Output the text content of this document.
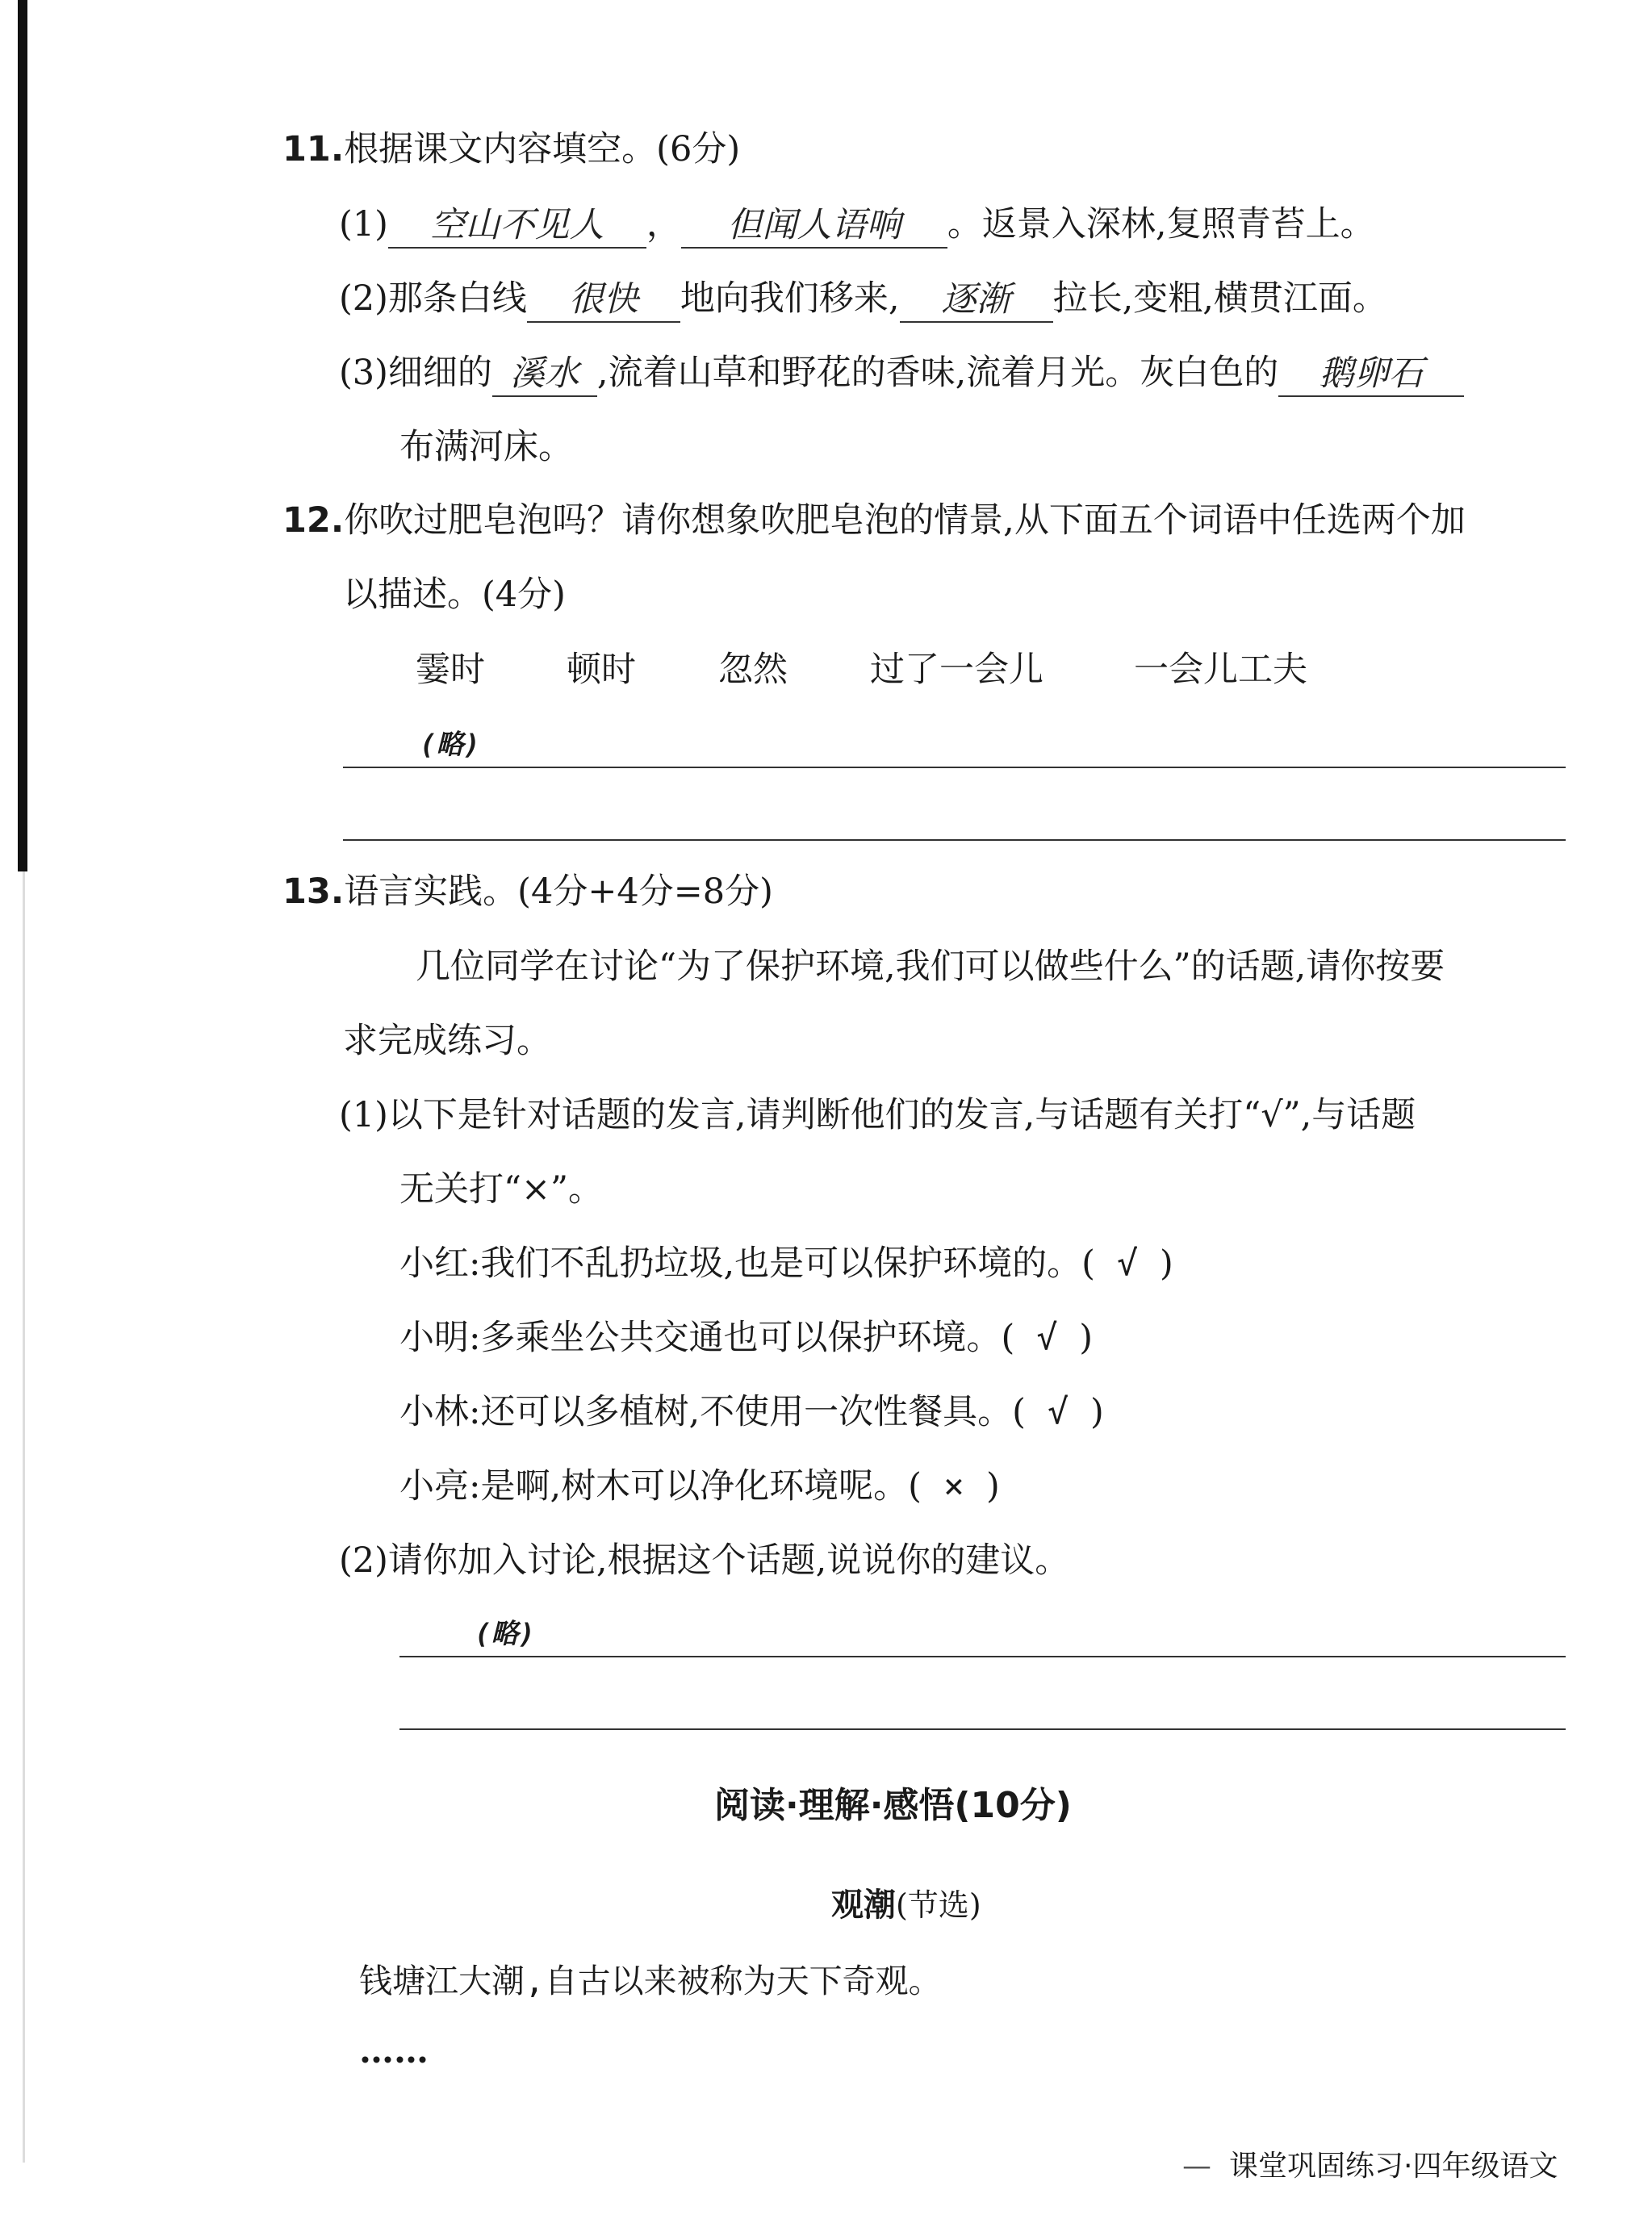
11.根据课文内容填空。(6分)
(1) 空山不见人 ， 但闻人语响 。返景入深林,复照青苔上。
(2)那条白线 很快 地向我们移来, 逐渐 拉长,变粗,横贯江面。
(3)细细的 溪水 ,流着山草和野花的香味,流着月光。灰白色的 鹅卵石
布满河床。
12.你吹过肥皂泡吗？请你想象吹肥皂泡的情景,从下面五个词语中任选两个加
以描述。(4分)
霎时 顿时 忽然 过了一会儿	一会儿工夫
(略)
13.语言实践。(4分+4分=8分)
几位同学在讨论“为了保护环境,我们可以做些什么”的话题,请你按要
求完成练习。
(1)以下是针对话题的发言,请判断他们的发言,与话题有关打“√”,与话题
无关打“×”。
小红:我们不乱扔垃圾,也是可以保护环境的。( √ )
小明:多乘坐公共交通也可以保护环境。( √ )
小林:还可以多植树,不使用一次性餐具。( √ )
小亮:是啊,树木可以净化环境呢。( × )
(2)请你加入讨论,根据这个话题,说说你的建议。
(略)
阅读·理解·感悟(10分)
观潮(节选)
钱塘江大潮,自古以来被称为天下奇观。
……
— 课堂巩固练习·四年级语文
